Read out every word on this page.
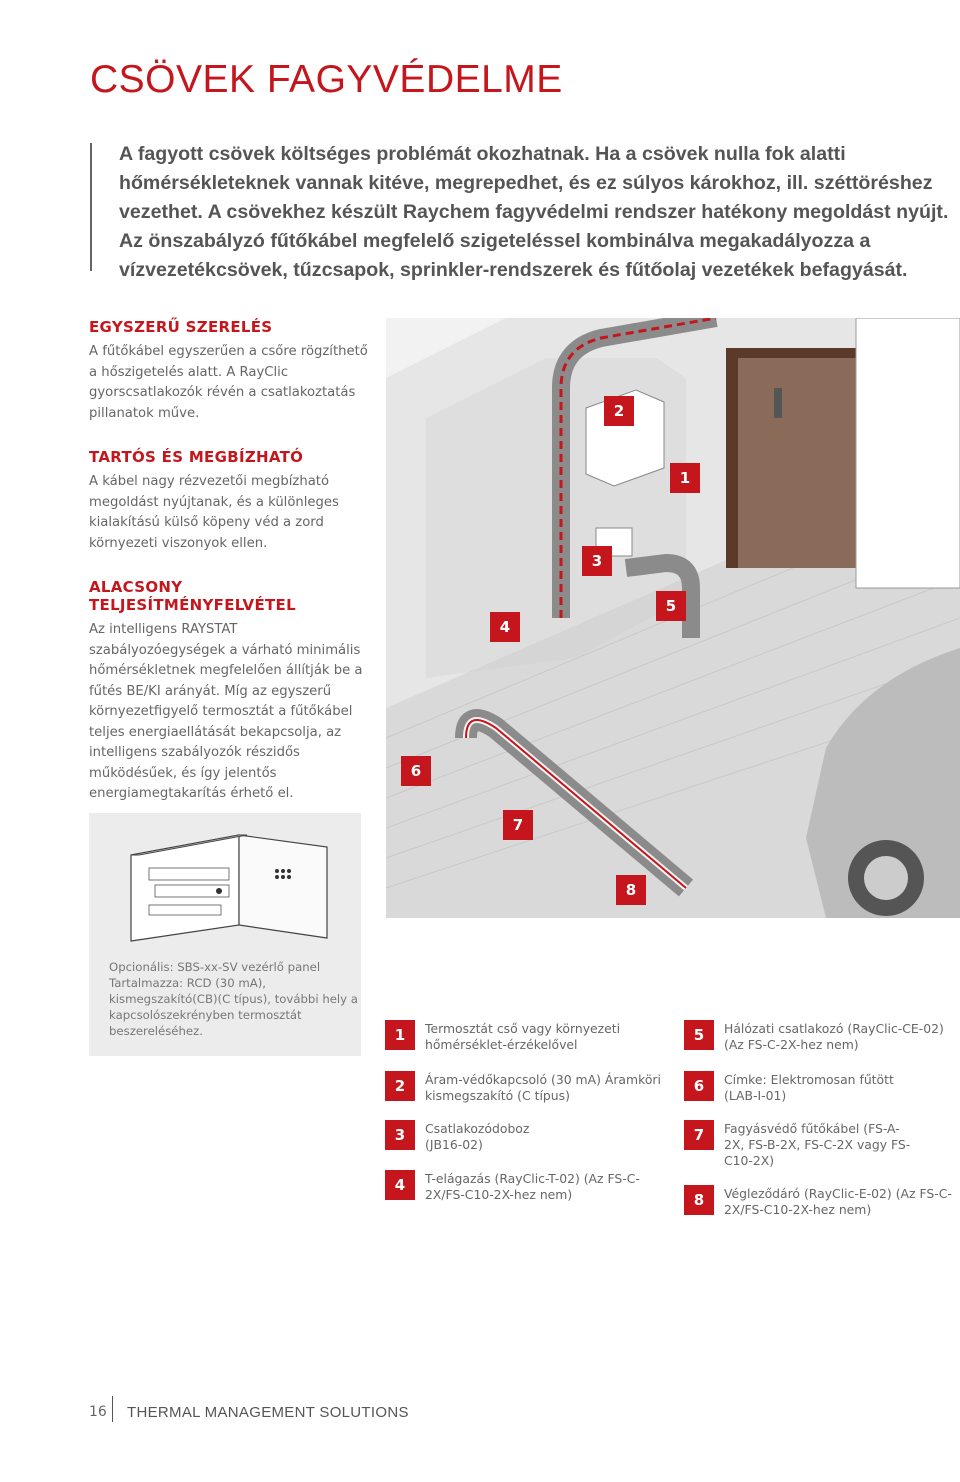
CSÖVEK FAGYVÉDELME

A fagyott csövek költséges problémát okozhatnak. Ha a csövek nulla fok alatti hőmérsékleteknek vannak kitéve, megrepedhet, és ez súlyos károkhoz, ill. széttöréshez vezethet. A csövekhez készült Raychem fagyvédelmi rendszer hatékony megoldást nyújt. Az önszabályzó fűtőkábel megfelelő szigeteléssel kombinálva megakadályozza a vízvezetékcsövek, tűzcsapok, sprinkler-rendszerek és fűtőolaj vezetékek befagyását.

EGYSZERŰ SZERELÉS

A fűtőkábel egyszerűen a csőre rögzíthető a hőszigetelés alatt. A RayClic gyorscsatlakozók révén a csatlakoztatás pillanatok műve.

TARTÓS ÉS MEGBÍZHATÓ

A kábel nagy rézvezetői megbízható megoldást nyújtanak, és a különleges kialakítású külső köpeny véd a zord környezeti viszonyok ellen.

ALACSONY TELJESÍTMÉNYFELVÉTEL

Az intelligens RAYSTAT szabályozóegységek a várható minimális hőmérsékletnek megfelelően állítják be a fűtés BE/KI arányát. Míg az egyszerű környezetfigyelő termosztát a fűtőkábel teljes energiaellátását bekapcsolja, az intelligens szabályozók részidős működésűek, és így jelentős energiamegtakarítás érhető el.

Opcionális: SBS-xx-SV vezérlő panel Tartalmazza: RCD (30 mA), kismegszakító(CB)(C típus), további hely a kapcsolószekrényben termosztát beszereléséhez.

2
1
3
5
4
6
7
8
1	Termosztát cső vagy környezeti hőmérséklet-érzékelővel
2	Áram-védőkapcsoló (30 mA) Áramköri kismegszakító (C típus)
3	Csatlakozódoboz (JB16-02)
4	T-elágazás (RayClic-T-02) (Az FS-C-2X/FS-C10-2X-hez nem)
5	Hálózati csatlakozó (RayClic-CE-02) (Az FS-C-2X-hez nem)
6	Címke: Elektromosan fűtött (LAB-I-01)
7	Fagyásvédő fűtőkábel (FS-A-2X, FS-B-2X, FS-C-2X vagy FS-C10-2X)
8	Végleződáró (RayClic-E-02) (Az FS-C-2X/FS-C10-2X-hez nem)
16 THERMAL MANAGEMENT SOLUTIONS
